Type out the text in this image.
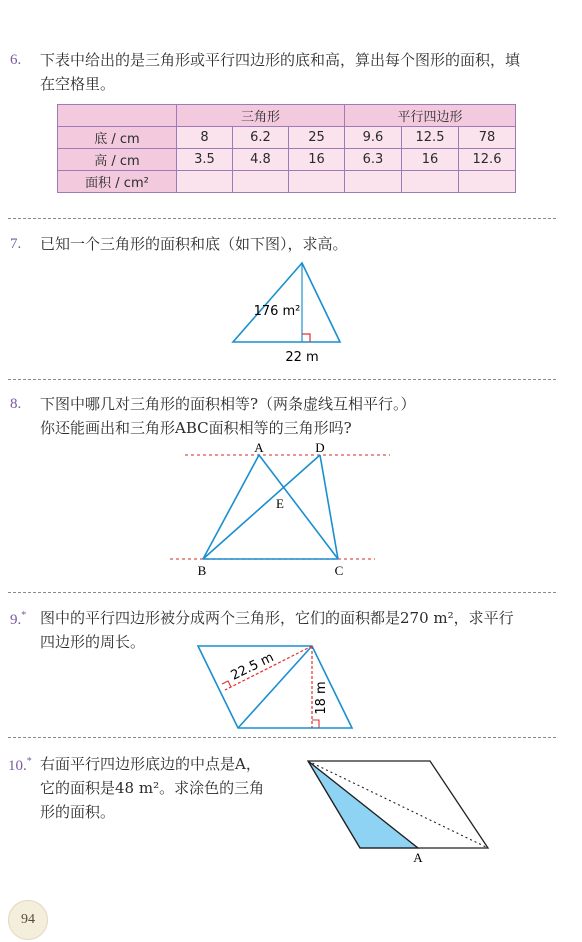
6. 下表中给出的是三角形或平行四边形的底和高，算出每个图形的面积，填
在空格里。
	三角形			平行四边形		
底 / cm	8	6.2	25	9.6	12.5	78
高 / cm	3.5	4.8	16	6.3	16	12.6
面积 / cm²						
7. 已知一个三角形的面积和底（如下图），求高。
176 m²
22 m
8. 下图中哪几对三角形的面积相等?（两条虚线互相平行。）
你还能画出和三角形ABC面积相等的三角形吗?
A	D
E
B	C
9.* 图中的平行四边形被分成两个三角形，它们的面积都是270 m²，求平行
四边形的周长。
22.5 m
18 m
10.* 右面平行四边形底边的中点是A，
它的面积是48 m²。求涂色的三角
形的面积。
A
94
